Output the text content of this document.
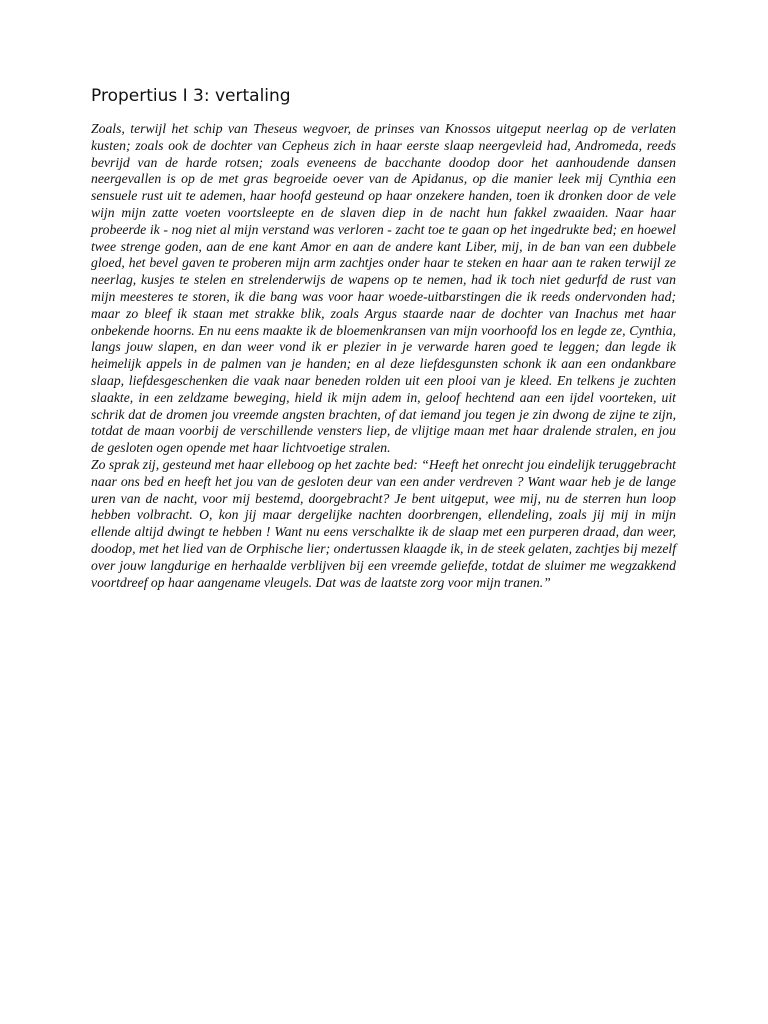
Propertius I 3: vertaling

Zoals, terwijl het schip van Theseus wegvoer, de prinses van Knossos uitgeput neerlag op de verlaten kusten; zoals ook de dochter van Cepheus zich in haar eerste slaap neergevleid had, Andromeda, reeds bevrijd van de harde rotsen; zoals eveneens de bacchante doodop door het aanhoudende dansen neergevallen is op de met gras begroeide oever van de Apidanus, op die manier leek mij Cynthia een sensuele rust uit te ademen, haar hoofd gesteund op haar onzekere handen, toen ik dronken door de vele wijn mijn zatte voeten voortsleepte en de slaven diep in de nacht hun fakkel zwaaiden. Naar haar probeerde ik - nog niet al mijn verstand was verloren - zacht toe te gaan op het ingedrukte bed; en hoewel twee strenge goden, aan de ene kant Amor en aan de andere kant Liber, mij, in de ban van een dubbele gloed, het bevel gaven te proberen mijn arm zachtjes onder haar te steken en haar aan te raken terwijl ze neerlag, kusjes te stelen en strelenderwijs de wapens op te nemen, had ik toch niet gedurfd de rust van mijn meesteres te storen, ik die bang was voor haar woede-uitbarstingen die ik reeds ondervonden had; maar zo bleef ik staan met strakke blik, zoals Argus staarde naar de dochter van Inachus met haar onbekende hoorns. En nu eens maakte ik de bloemenkransen van mijn voorhoofd los en legde ze, Cynthia, langs jouw slapen, en dan weer vond ik er plezier in je verwarde haren goed te leggen; dan legde ik heimelijk appels in de palmen van je handen; en al deze liefdesgunsten schonk ik aan een ondankbare slaap, liefdesgeschenken die vaak naar beneden rolden uit een plooi van je kleed. En telkens je zuchten slaakte, in een zeldzame beweging, hield ik mijn adem in, geloof hechtend aan een ijdel voorteken, uit schrik dat de dromen jou vreemde angsten brachten, of dat iemand jou tegen je zin dwong de zijne te zijn, totdat de maan voorbij de verschillende vensters liep, de vlijtige maan met haar dralende stralen, en jou de gesloten ogen opende met haar lichtvoetige stralen.

Zo sprak zij, gesteund met haar elleboog op het zachte bed: “Heeft het onrecht jou eindelijk teruggebracht naar ons bed en heeft het jou van de gesloten deur van een ander verdreven ? Want waar heb je de lange uren van de nacht, voor mij bestemd, doorgebracht? Je bent uitgeput, wee mij, nu de sterren hun loop hebben volbracht. O, kon jij maar dergelijke nachten doorbrengen, ellendeling, zoals jij mij in mijn ellende altijd dwingt te hebben ! Want nu eens verschalkte ik de slaap met een purperen draad, dan weer, doodop, met het lied van de Orphische lier; ondertussen klaagde ik, in de steek gelaten, zachtjes bij mezelf over jouw langdurige en herhaalde verblijven bij een vreemde geliefde, totdat de sluimer me wegzakkend voortdreef op haar aangename vleugels. Dat was de laatste zorg voor mijn tranen.”
